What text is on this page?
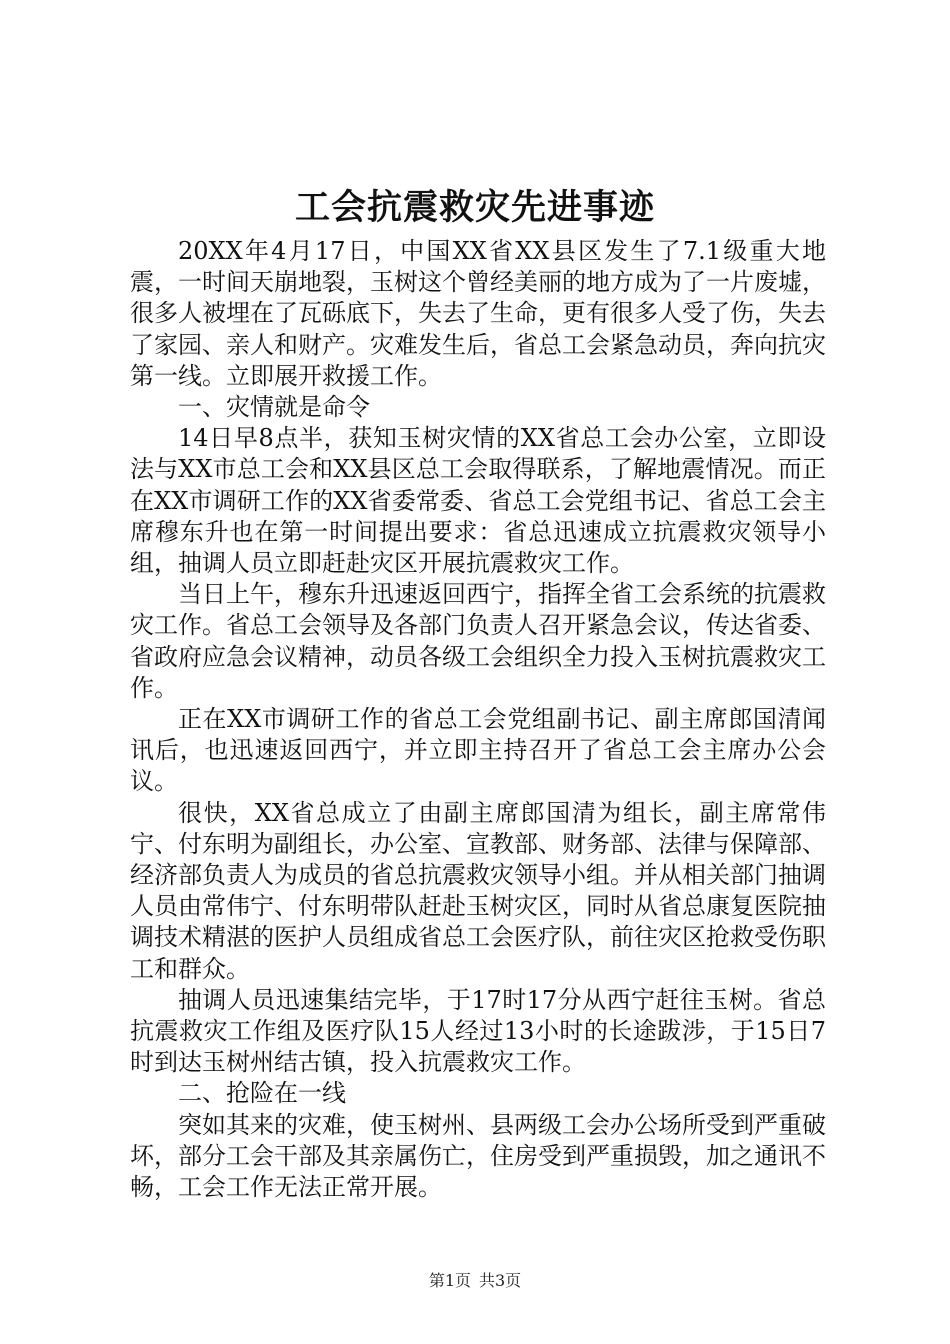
工会抗震救灾先进事迹

20XX年4月17日，中国XX省XX县区发生了7.1级重大地震，一时间天崩地裂，玉树这个曾经美丽的地方成为了一片废墟，很多人被埋在了瓦砾底下，失去了生命，更有很多人受了伤，失去了家园、亲人和财产。灾难发生后，省总工会紧急动员，奔向抗灾第一线。立即展开救援工作。

一、灾情就是命令

14日早8点半，获知玉树灾情的XX省总工会办公室，立即设法与XX市总工会和XX县区总工会取得联系，了解地震情况。而正在XX市调研工作的XX省委常委、省总工会党组书记、省总工会主席穆东升也在第一时间提出要求：省总迅速成立抗震救灾领导小组，抽调人员立即赶赴灾区开展抗震救灾工作。

当日上午，穆东升迅速返回西宁，指挥全省工会系统的抗震救灾工作。省总工会领导及各部门负责人召开紧急会议，传达省委、省政府应急会议精神，动员各级工会组织全力投入玉树抗震救灾工作。

正在XX市调研工作的省总工会党组副书记、副主席郎国清闻讯后，也迅速返回西宁，并立即主持召开了省总工会主席办公会议。

很快，XX省总成立了由副主席郎国清为组长，副主席常伟宁、付东明为副组长，办公室、宣教部、财务部、法律与保障部、经济部负责人为成员的省总抗震救灾领导小组。并从相关部门抽调人员由常伟宁、付东明带队赶赴玉树灾区，同时从省总康复医院抽调技术精湛的医护人员组成省总工会医疗队，前往灾区抢救受伤职工和群众。

抽调人员迅速集结完毕，于17时17分从西宁赶往玉树。省总抗震救灾工作组及医疗队15人经过13小时的长途跋涉，于15日7时到达玉树州结古镇，投入抗震救灾工作。

二、抢险在一线

突如其来的灾难，使玉树州、县两级工会办公场所受到严重破坏，部分工会干部及其亲属伤亡，住房受到严重损毁，加之通讯不畅，工会工作无法正常开展。

第1页 共3页
